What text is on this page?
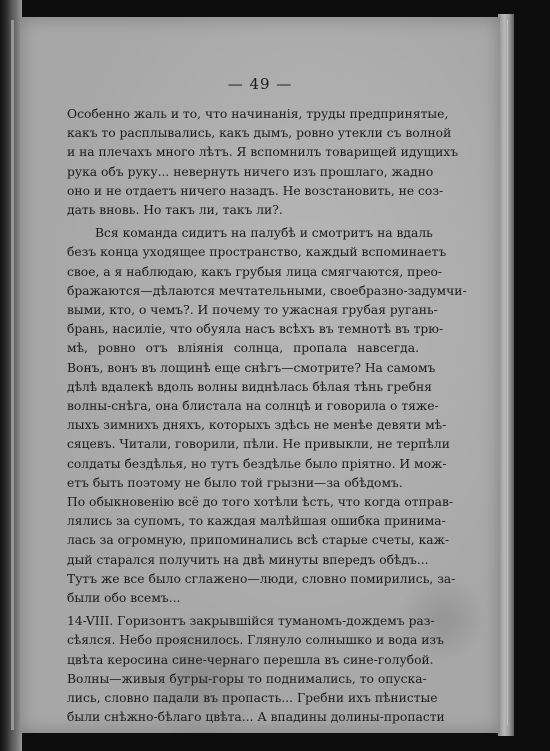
— 49 —
Особенно жаль и то, что начинанія, труды предпринятые,
какъ то расплывались, какъ дымъ, ровно утекли съ волной
и на плечахъ много лѣтъ. Я вспомнилъ товарищей идущихъ
рука объ руку... невернуть ничего изъ прошлаго, жадно
оно и не отдаетъ ничего назадъ. Не возстановить, не соз-
дать вновь. Но такъ ли, такъ ли?.
Вся команда сидитъ на палубѣ и смотритъ на вдаль
безъ конца уходящее пространство, каждый вспоминаетъ
свое, а я наблюдаю, какъ грубыя лица смягчаются, прео-
бражаются—дѣлаются мечтательными, своебразно-задумчи-
выми, кто, о чемъ?. И почему то ужасная грубая ругань-
брань, насиліе, что обуяла насъ всѣхъ въ темнотѣ въ трю-
мѣ, ровно отъ вліянія солнца, пропала навсегда.
Вонъ, вонъ въ лощинѣ еще снѣгъ—смотрите? На самомъ
дѣлѣ вдалекѣ вдоль волны виднѣлась бѣлая тѣнь гребня
волны-снѣга, она блистала на солнцѣ и говорила о тяже-
лыхъ зимнихъ дняхъ, которыхъ здѣсь не менѣе девяти мѣ-
сяцевъ. Читали, говорили, пѣли. Не привыкли, не терпѣли
солдаты бездѣлья, но тутъ бездѣлье было пріятно. И мож-
етъ быть поэтому не было той грызни—за обѣдомъ.
По обыкновенію всё до того хотѣли ѣсть, что когда отправ-
лялись за супомъ, то каждая малѣйшая ошибка принима-
лась за огромную, припоминались всѣ старые счеты, каж-
дый старался получить на двѣ минуты впередъ обѣдъ...
Тутъ же все было сглажено—люди, словно помирились, за-
были обо всемъ...
14-VIII. Горизонтъ закрывшійся туманомъ-дождемъ раз-
сѣялся. Небо прояснилось. Глянуло солнышко и вода изъ
цвѣта керосина сине-чернаго перешла въ сине-голубой.
Волны—живыя бугры-горы то поднимались, то опуска-
лись, словно падали въ пропасть... Гребни ихъ пѣнистые
были снѣжно-бѣлаго цвѣта... А впадины долины-пропасти
